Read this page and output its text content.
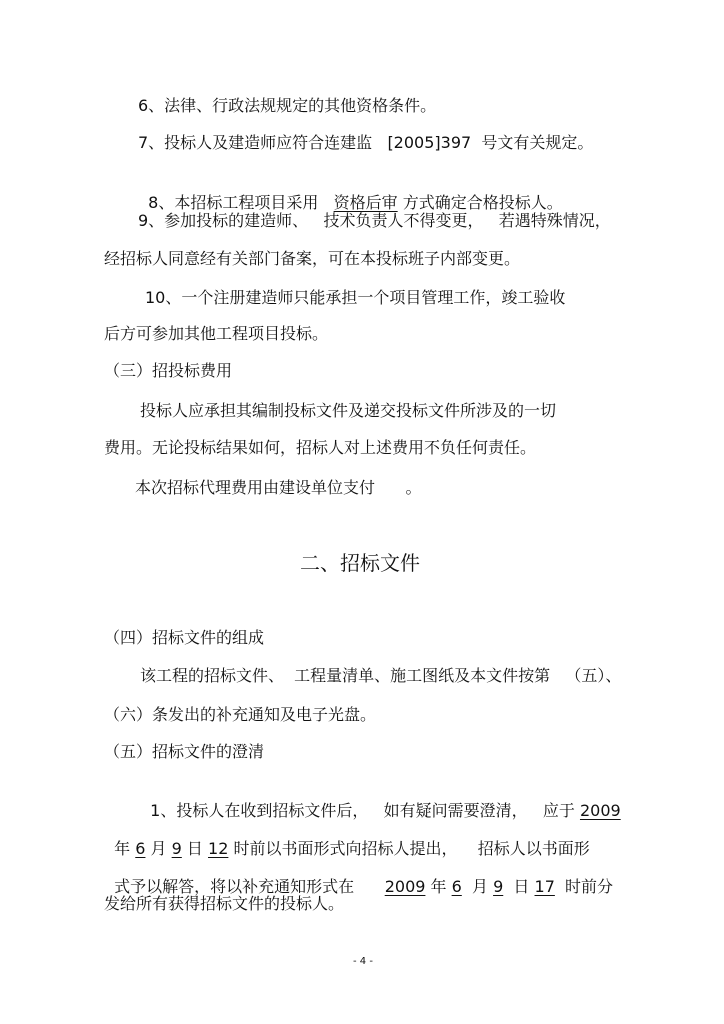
6、法律、行政法规规定的其他资格条件。
7、投标人及建造师应符合连建监   [2005]397  号文有关规定。

8、本招标工程项目采用   资格后审 方式确定合格投标人。

9、参加投标的建造师、   技术负责人不得变更，   若遇特殊情况，
经招标人同意经有关部门备案，可在本投标班子内部变更。
10、一个注册建造师只能承担一个项目管理工作，竣工验收
后方可参加其他工程项目投标。
（三）招投标费用
投标人应承担其编制投标文件及递交投标文件所涉及的一切
费用。无论投标结果如何，招标人对上述费用不负任何责任。
本次招标代理费用由建设单位支付      。
二、招标文件
（四）招标文件的组成
该工程的招标文件、  工程量清单、施工图纸及本文件按第   （五）、
（六）条发出的补充通知及电子光盘。
（五）招标文件的澄清

1、投标人在收到招标文件后，   如有疑问需要澄清，   应于 2009

年 6 月 9 日 12 时前以书面形式向招标人提出，    招标人以书面形

式予以解答，将以补充通知形式在      2009 年 6  月 9  日 17  时前分

发给所有获得招标文件的投标人。
- 4 -
